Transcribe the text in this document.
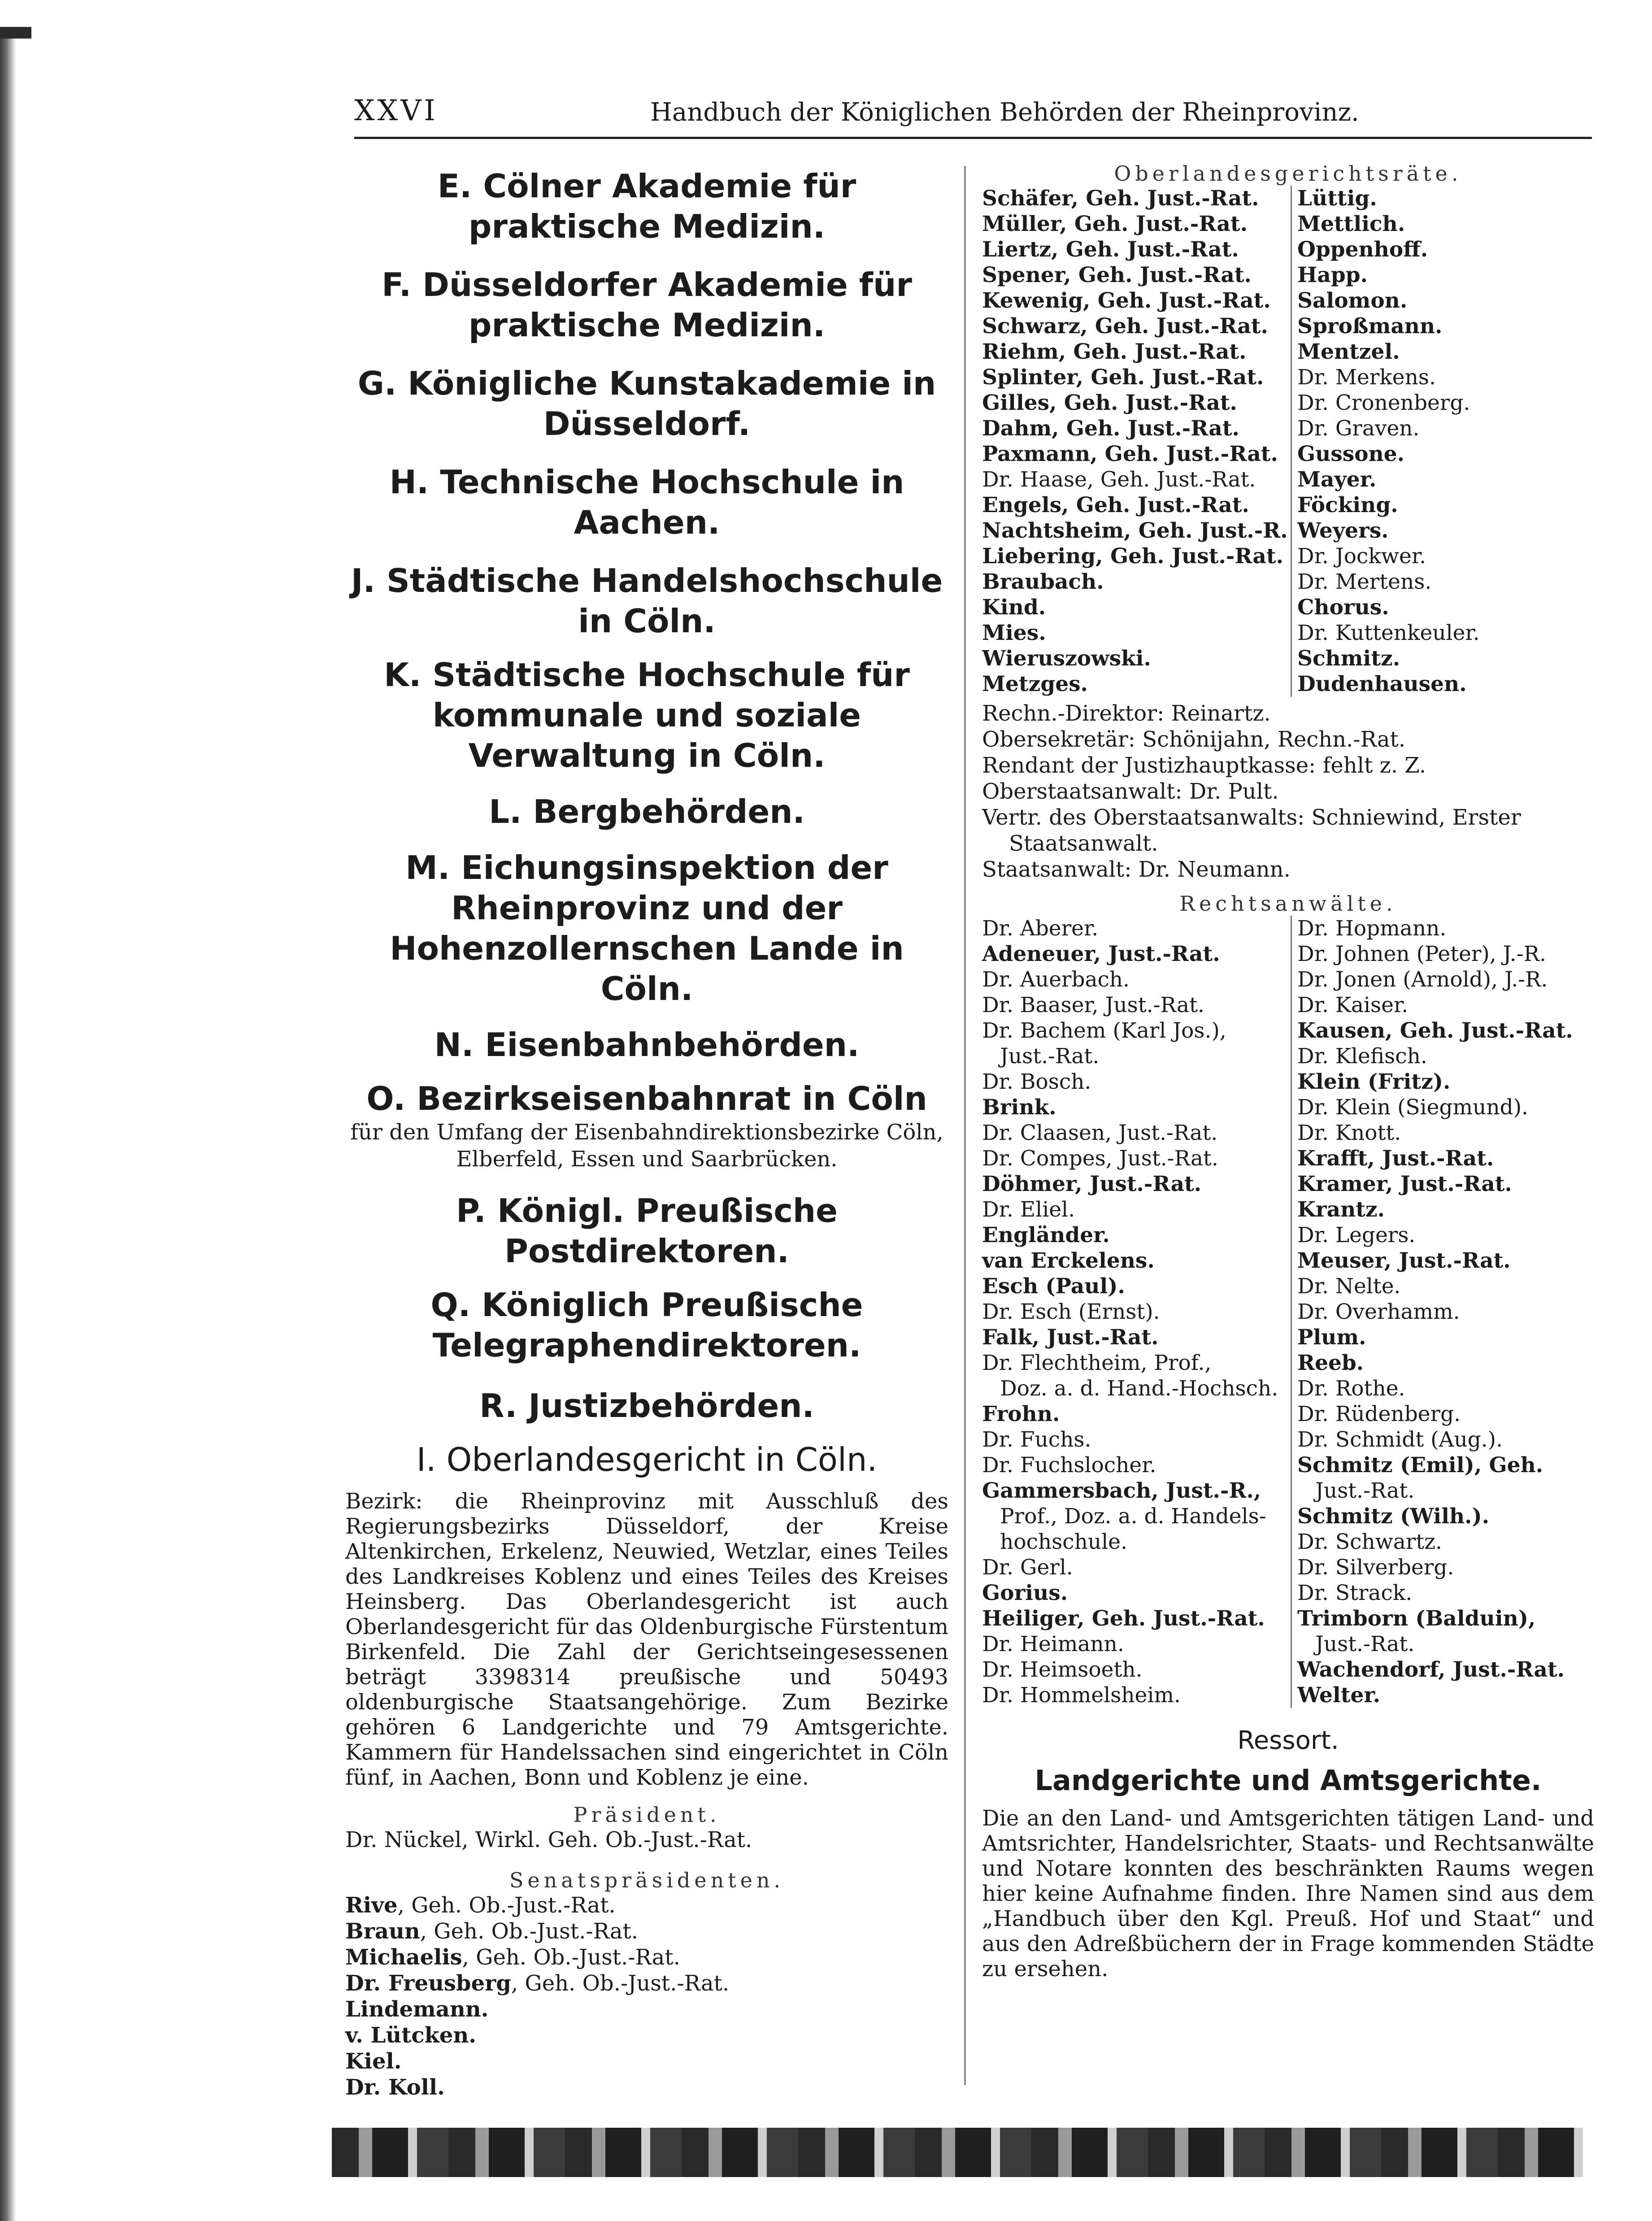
XXVI	Handbuch der Königlichen Behörden der Rheinprovinz.
E. Cölner Akademie für praktische Medizin.
F. Düsseldorfer Akademie für praktische Medizin.
G. Königliche Kunstakademie in Düsseldorf.
H. Technische Hochschule in Aachen.
J. Städtische Handelshochschule in Cöln.
K. Städtische Hochschule für kommunale und soziale Verwaltung in Cöln.
L. Bergbehörden.
M. Eichungsinspektion der Rheinprovinz und der Hohenzollernschen Lande in Cöln.
N. Eisenbahnbehörden.
O. Bezirkseisenbahnrat in Cöln
für den Umfang der Eisenbahndirektionsbezirke Cöln, Elberfeld, Essen und Saarbrücken.
P. Königl. Preußische Postdirektoren.
Q. Königlich Preußische Telegraphendirektoren.
R. Justizbehörden.
I. Oberlandesgericht in Cöln.
Bezirk: die Rheinprovinz mit Ausschluß des Regierungsbezirks Düsseldorf, der Kreise Altenkirchen, Erkelenz, Neuwied, Wetzlar, eines Teiles des Landkreises Koblenz und eines Teiles des Kreises Heinsberg. Das Oberlandesgericht ist auch Oberlandesgericht für das Oldenburgische Fürstentum Birkenfeld. Die Zahl der Gerichtseingesessenen beträgt 3398314 preußische und 50493 oldenburgische Staatsangehörige. Zum Bezirke gehören 6 Landgerichte und 79 Amtsgerichte. Kammern für Handelssachen sind eingerichtet in Cöln fünf, in Aachen, Bonn und Koblenz je eine.
Präsident.
Dr. Nückel, Wirkl. Geh. Ob.-Just.-Rat.
Senatspräsidenten.
Rive, Geh. Ob.-Just.-Rat.
Braun, Geh. Ob.-Just.-Rat.
Michaelis, Geh. Ob.-Just.-Rat.
Dr. Freusberg, Geh. Ob.-Just.-Rat.
Lindemann.
v. Lütcken.
Kiel.
Dr. Koll.
Oberlandesgerichtsräte.
Schäfer, Geh. Just.-Rat.
Müller, Geh. Just.-Rat.
Liertz, Geh. Just.-Rat.
Spener, Geh. Just.-Rat.
Kewenig, Geh. Just.-Rat.
Schwarz, Geh. Just.-Rat.
Riehm, Geh. Just.-Rat.
Splinter, Geh. Just.-Rat.
Gilles, Geh. Just.-Rat.
Dahm, Geh. Just.-Rat.
Paxmann, Geh. Just.-Rat.
Dr. Haase, Geh. Just.-Rat.
Engels, Geh. Just.-Rat.
Nachtsheim, Geh. Just.-R.
Liebering, Geh. Just.-Rat.
Braubach.
Kind.
Mies.
Wieruszowski.
Metzges.
Lüttig.
Mettlich.
Oppenhoff.
Happ.
Salomon.
Sproßmann.
Mentzel.
Dr. Merkens.
Dr. Cronenberg.
Dr. Graven.
Gussone.
Mayer.
Föcking.
Weyers.
Dr. Jockwer.
Dr. Mertens.
Chorus.
Dr. Kuttenkeuler.
Schmitz.
Dudenhausen.
Rechn.-Direktor: Reinartz.
Obersekretär: Schönijahn, Rechn.-Rat.
Rendant der Justizhauptkasse: fehlt z. Z.
Oberstaatsanwalt: Dr. Pult.
Vertr. des Oberstaatsanwalts: Schniewind, Erster Staatsanwalt.
Staatsanwalt: Dr. Neumann.
Rechtsanwälte.
Dr. Aberer.
Adeneuer, Just.-Rat.
Dr. Auerbach.
Dr. Baaser, Just.-Rat.
Dr. Bachem (Karl Jos.),
Just.-Rat.
Dr. Bosch.
Brink.
Dr. Claasen, Just.-Rat.
Dr. Compes, Just.-Rat.
Döhmer, Just.-Rat.
Dr. Eliel.
Engländer.
van Erckelens.
Esch (Paul).
Dr. Esch (Ernst).
Falk, Just.-Rat.
Dr. Flechtheim, Prof.,
Doz. a. d. Hand.-Hochsch.
Frohn.
Dr. Fuchs.
Dr. Fuchslocher.
Gammersbach, Just.-R.,
Prof., Doz. a. d. Handels-
hochschule.
Dr. Gerl.
Gorius.
Heiliger, Geh. Just.-Rat.
Dr. Heimann.
Dr. Heimsoeth.
Dr. Hommelsheim.
Dr. Hopmann.
Dr. Johnen (Peter), J.-R.
Dr. Jonen (Arnold), J.-R.
Dr. Kaiser.
Kausen, Geh. Just.-Rat.
Dr. Klefisch.
Klein (Fritz).
Dr. Klein (Siegmund).
Dr. Knott.
Krafft, Just.-Rat.
Kramer, Just.-Rat.
Krantz.
Dr. Legers.
Meuser, Just.-Rat.
Dr. Nelte.
Dr. Overhamm.
Plum.
Reeb.
Dr. Rothe.
Dr. Rüdenberg.
Dr. Schmidt (Aug.).
Schmitz (Emil), Geh.
Just.-Rat.
Schmitz (Wilh.).
Dr. Schwartz.
Dr. Silverberg.
Dr. Strack.
Trimborn (Balduin),
Just.-Rat.
Wachendorf, Just.-Rat.
Welter.
Ressort.
Landgerichte und Amtsgerichte.
Die an den Land- und Amtsgerichten tätigen Land- und Amtsrichter, Handelsrichter, Staats- und Rechtsanwälte und Notare konnten des beschränkten Raums wegen hier keine Aufnahme finden. Ihre Namen sind aus dem „Handbuch über den Kgl. Preuß. Hof und Staat“ und aus den Adreßbüchern der in Frage kommenden Städte zu ersehen.
